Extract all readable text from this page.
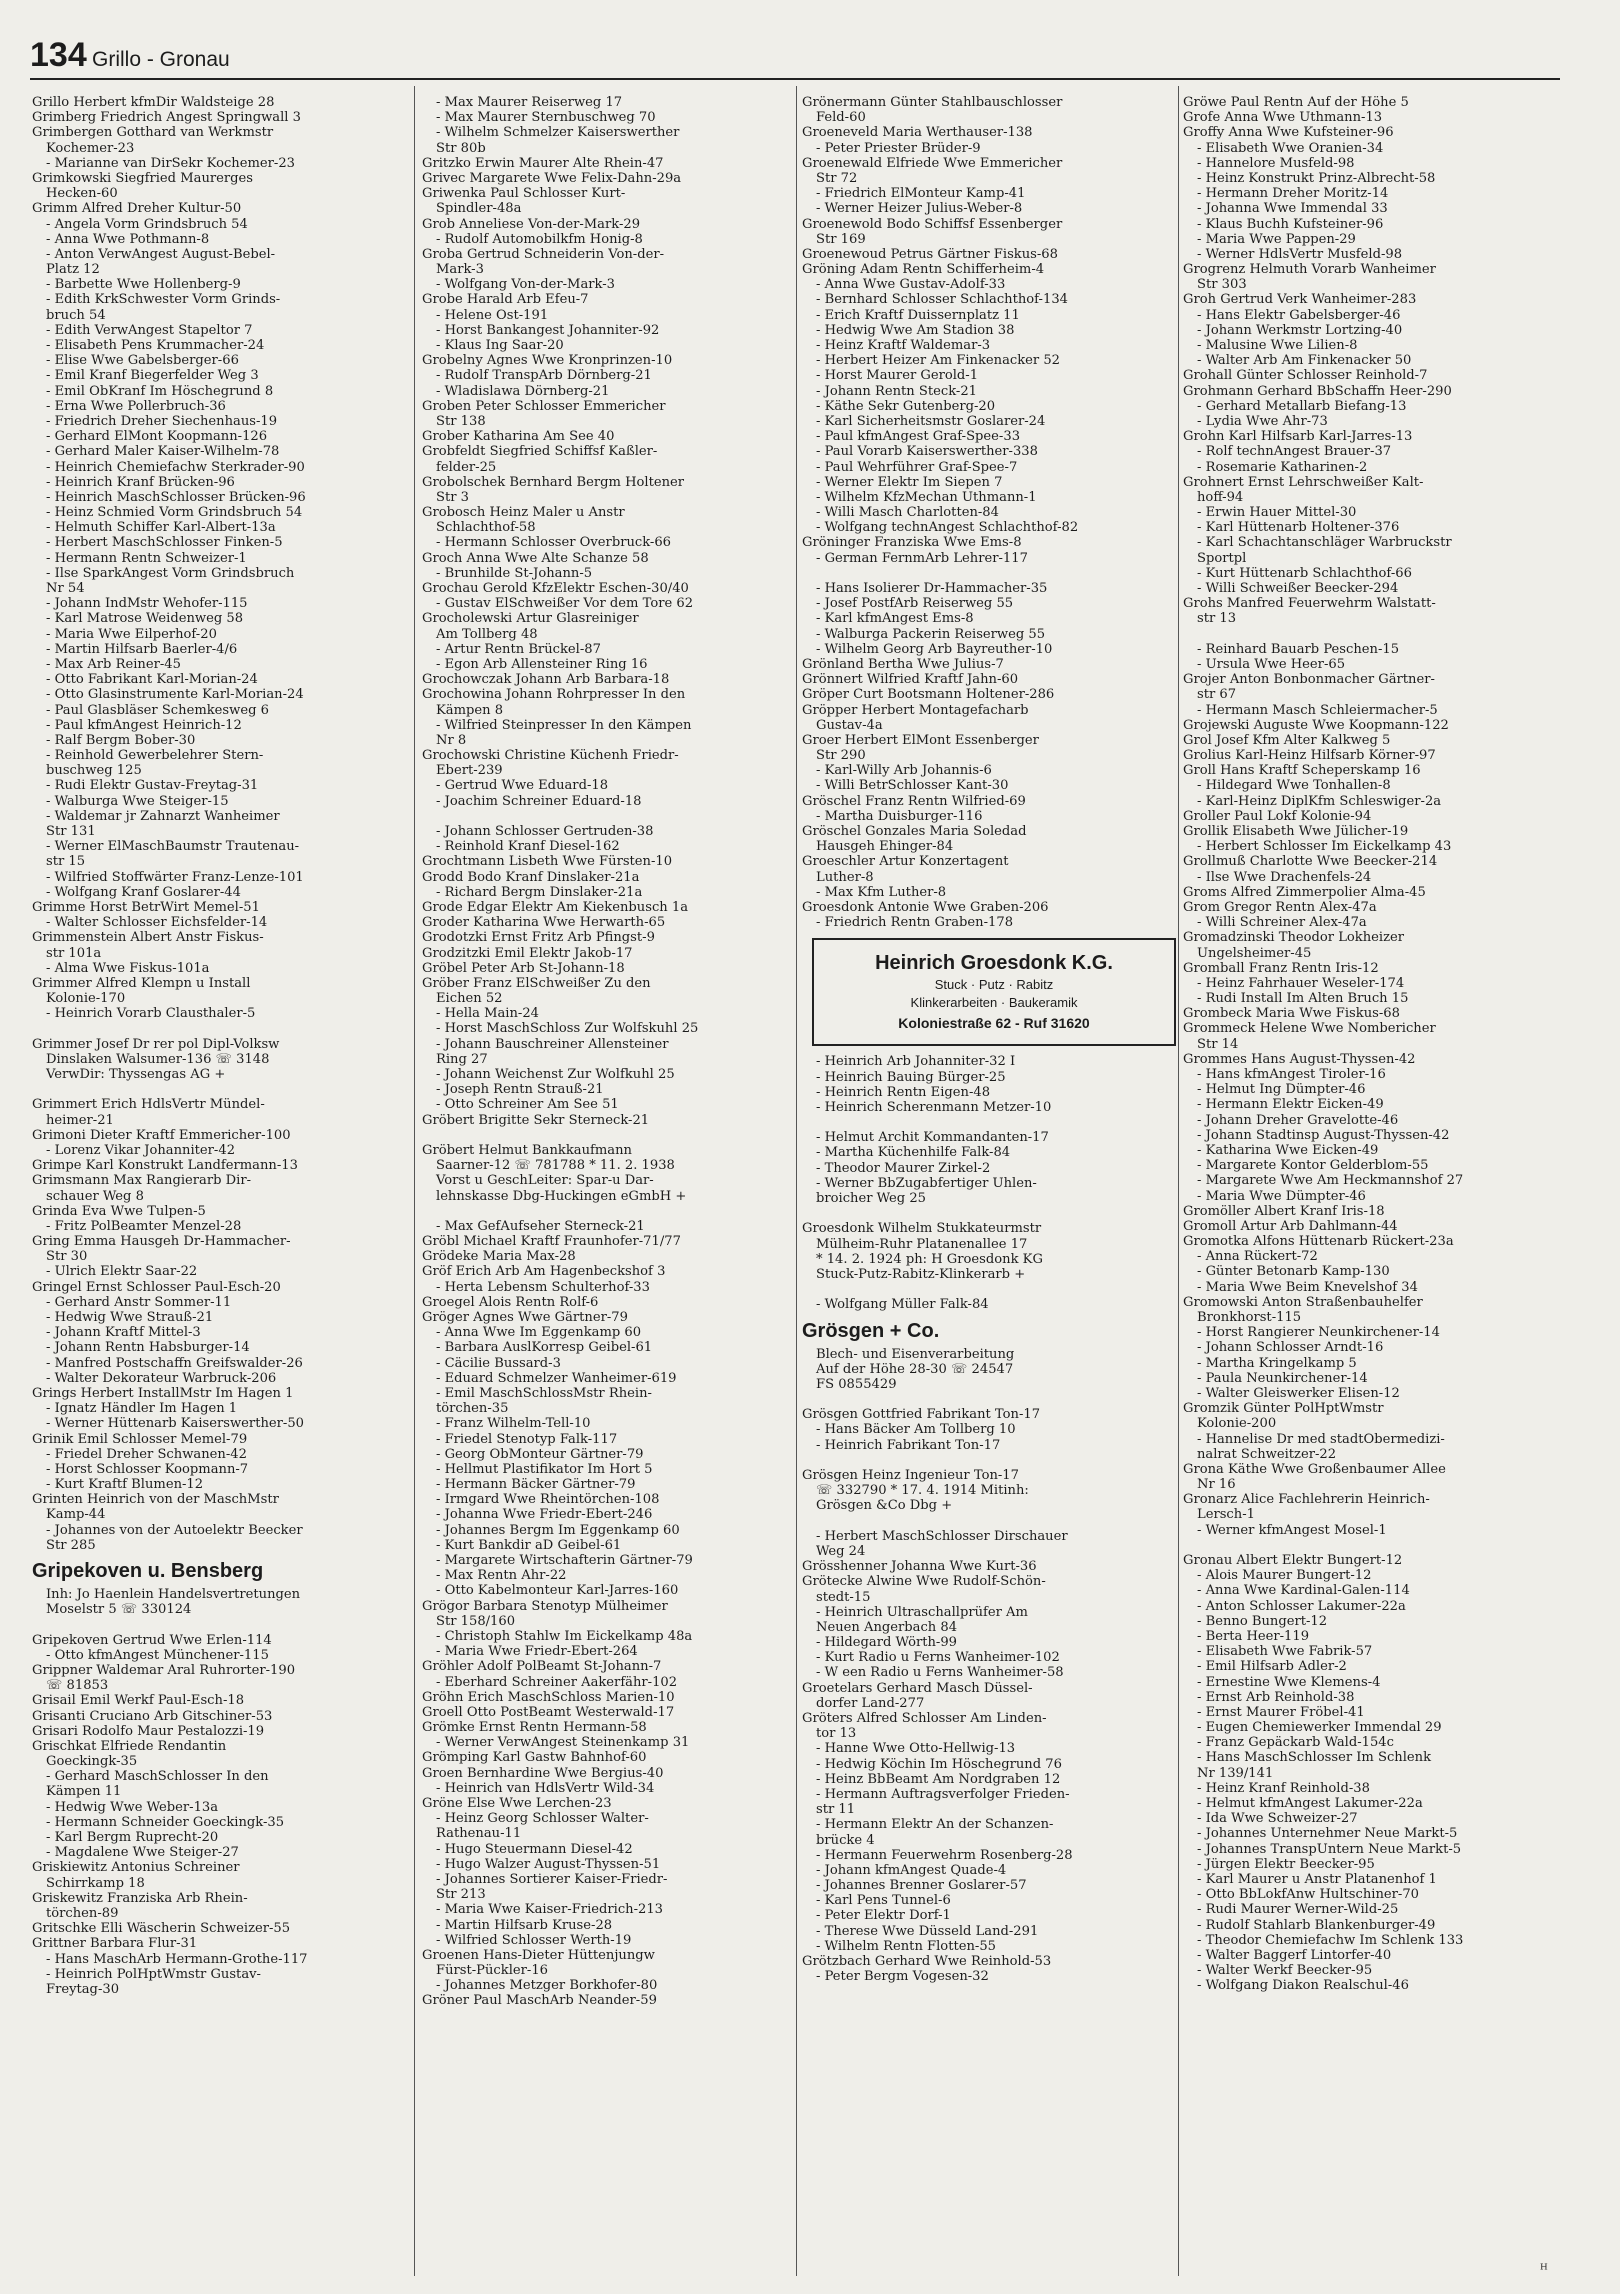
134 Grillo - Gronau
Grillo Herbert kfmDir Waldsteige 28
Grimberg Friedrich Angest Springwall 3
Grimbergen Gotthard van Werkmstr
Kochemer-23
- Marianne van DirSekr Kochemer-23
Grimkowski Siegfried Maurerges
Hecken-60
Grimm Alfred Dreher Kultur-50
- Angela Vorm Grindsbruch 54
- Anna Wwe Pothmann-8
- Anton VerwAngest August-Bebel-
Platz 12
- Barbette Wwe Hollenberg-9
- Edith KrkSchwester Vorm Grinds-
bruch 54
- Edith VerwAngest Stapeltor 7
- Elisabeth Pens Krummacher-24
- Elise Wwe Gabelsberger-66
- Emil Kranf Biegerfelder Weg 3
- Emil ObKranf Im Höschegrund 8
- Erna Wwe Pollerbruch-36
- Friedrich Dreher Siechenhaus-19
- Gerhard ElMont Koopmann-126
- Gerhard Maler Kaiser-Wilhelm-78
- Heinrich Chemiefachw Sterkrader-90
- Heinrich Kranf Brücken-96
- Heinrich MaschSchlosser Brücken-96
- Heinz Schmied Vorm Grindsbruch 54
- Helmuth Schiffer Karl-Albert-13a
- Herbert MaschSchlosser Finken-5
- Hermann Rentn Schweizer-1
- Ilse SparkAngest Vorm Grindsbruch
Nr 54
- Johann IndMstr Wehofer-115
- Karl Matrose Weidenweg 58
- Maria Wwe Eilperhof-20
- Martin Hilfsarb Baerler-4/6
- Max Arb Reiner-45
- Otto Fabrikant Karl-Morian-24
- Otto Glasinstrumente Karl-Morian-24
- Paul Glasbläser Schemkesweg 6
- Paul kfmAngest Heinrich-12
- Ralf Bergm Bober-30
- Reinhold Gewerbelehrer Stern-
buschweg 125
- Rudi Elektr Gustav-Freytag-31
- Walburga Wwe Steiger-15
- Waldemar jr Zahnarzt Wanheimer
Str 131
- Werner ElMaschBaumstr Trautenau-
str 15
- Wilfried Stoffwärter Franz-Lenze-101
- Wolfgang Kranf Goslarer-44
Grimme Horst BetrWirt Memel-51
- Walter Schlosser Eichsfelder-14
Grimmenstein Albert Anstr Fiskus-
str 101a
- Alma Wwe Fiskus-101a
Grimmer Alfred Klempn u Install
Kolonie-170
- Heinrich Vorarb Clausthaler-5

Grimmer Josef Dr rer pol Dipl-Volksw
Dinslaken Walsumer-136 ☏ 3148
VerwDir: Thyssengas AG +

Grimmert Erich HdlsVertr Mündel-
heimer-21
Grimoni Dieter Kraftf Emmericher-100
- Lorenz Vikar Johanniter-42
Grimpe Karl Konstrukt Landfermann-13
Grimsmann Max Rangierarb Dir-
schauer Weg 8
Grinda Eva Wwe Tulpen-5
- Fritz PolBeamter Menzel-28
Gring Emma Hausgeh Dr-Hammacher-
Str 30
- Ulrich Elektr Saar-22
Gringel Ernst Schlosser Paul-Esch-20
- Gerhard Anstr Sommer-11
- Hedwig Wwe Strauß-21
- Johann Kraftf Mittel-3
- Johann Rentn Habsburger-14
- Manfred Postschaffn Greifswalder-26
- Walter Dekorateur Warbruck-206
Grings Herbert InstallMstr Im Hagen 1
- Ignatz Händler Im Hagen 1
- Werner Hüttenarb Kaiserswerther-50
Grinik Emil Schlosser Memel-79
- Friedel Dreher Schwanen-42
- Horst Schlosser Koopmann-7
- Kurt Kraftf Blumen-12
Grinten Heinrich von der MaschMstr
Kamp-44
- Johannes von der Autoelektr Beecker
Str 285
Gripekoven u. Bensberg
Inh: Jo Haenlein Handelsvertretungen
Moselstr 5 ☏ 330124

Gripekoven Gertrud Wwe Erlen-114
- Otto kfmAngest Münchener-115
Grippner Waldemar Aral Ruhrorter-190
☏ 81853
Grisail Emil Werkf Paul-Esch-18
Grisanti Cruciano Arb Gitschiner-53
Grisari Rodolfo Maur Pestalozzi-19
Grischkat Elfriede Rendantin
Goeckingk-35
- Gerhard MaschSchlosser In den
Kämpen 11
- Hedwig Wwe Weber-13a
- Hermann Schneider Goeckingk-35
- Karl Bergm Ruprecht-20
- Magdalene Wwe Steiger-27
Griskiewitz Antonius Schreiner
Schirrkamp 18
Griskewitz Franziska Arb Rhein-
törchen-89
Gritschke Elli Wäscherin Schweizer-55
Grittner Barbara Flur-31
- Hans MaschArb Hermann-Grothe-117
- Heinrich PolHptWmstr Gustav-
Freytag-30
- Max Maurer Reiserweg 17
- Max Maurer Sternbuschweg 70
- Wilhelm Schmelzer Kaiserswerther
Str 80b
Gritzko Erwin Maurer Alte Rhein-47
Grivec Margarete Wwe Felix-Dahn-29a
Griwenka Paul Schlosser Kurt-
Spindler-48a
Grob Anneliese Von-der-Mark-29
- Rudolf Automobilkfm Honig-8
Groba Gertrud Schneiderin Von-der-
Mark-3
- Wolfgang Von-der-Mark-3
Grobe Harald Arb Efeu-7
- Helene Ost-191
- Horst Bankangest Johanniter-92
- Klaus Ing Saar-20
Grobelny Agnes Wwe Kronprinzen-10
- Rudolf TranspArb Dörnberg-21
- Wladislawa Dörnberg-21
Groben Peter Schlosser Emmericher
Str 138
Grober Katharina Am See 40
Grobfeldt Siegfried Schiffsf Kaßler-
felder-25
Grobolschek Bernhard Bergm Holtener
Str 3
Grobosch Heinz Maler u Anstr
Schlachthof-58
- Hermann Schlosser Overbruck-66
Groch Anna Wwe Alte Schanze 58
- Brunhilde St-Johann-5
Grochau Gerold KfzElektr Eschen-30/40
- Gustav ElSchweißer Vor dem Tore 62
Grocholewski Artur Glasreiniger
Am Tollberg 48
- Artur Rentn Brückel-87
- Egon Arb Allensteiner Ring 16
Grochowczak Johann Arb Barbara-18
Grochowina Johann Rohrpresser In den
Kämpen 8
- Wilfried Steinpresser In den Kämpen
Nr 8
Grochowski Christine Küchenh Friedr-
Ebert-239
- Gertrud Wwe Eduard-18
- Joachim Schreiner Eduard-18

- Johann Schlosser Gertruden-38
- Reinhold Kranf Diesel-162
Grochtmann Lisbeth Wwe Fürsten-10
Grodd Bodo Kranf Dinslaker-21a
- Richard Bergm Dinslaker-21a
Grode Edgar Elektr Am Kiekenbusch 1a
Groder Katharina Wwe Herwarth-65
Grodotzki Ernst Fritz Arb Pfingst-9
Grodzitzki Emil Elektr Jakob-17
Gröbel Peter Arb St-Johann-18
Gröber Franz ElSchweißer Zu den
Eichen 52
- Hella Main-24
- Horst MaschSchloss Zur Wolfskuhl 25
- Johann Bauschreiner Allensteiner
Ring 27
- Johann Weichenst Zur Wolfkuhl 25
- Joseph Rentn Strauß-21
- Otto Schreiner Am See 51
Gröbert Brigitte Sekr Sterneck-21

Gröbert Helmut Bankkaufmann
Saarner-12 ☏ 781788 * 11. 2. 1938
Vorst u GeschLeiter: Spar-u Dar-
lehnskasse Dbg-Huckingen eGmbH +

- Max GefAufseher Sterneck-21
Gröbl Michael Kraftf Fraunhofer-71/77
Grödeke Maria Max-28
Gröf Erich Arb Am Hagenbeckshof 3
- Herta Lebensm Schulterhof-33
Groegel Alois Rentn Rolf-6
Gröger Agnes Wwe Gärtner-79
- Anna Wwe Im Eggenkamp 60
- Barbara AuslKorresp Geibel-61
- Cäcilie Bussard-3
- Eduard Schmelzer Wanheimer-619
- Emil MaschSchlossMstr Rhein-
törchen-35
- Franz Wilhelm-Tell-10
- Friedel Stenotyp Falk-117
- Georg ObMonteur Gärtner-79
- Hellmut Plastifikator Im Hort 5
- Hermann Bäcker Gärtner-79
- Irmgard Wwe Rheintörchen-108
- Johanna Wwe Friedr-Ebert-246
- Johannes Bergm Im Eggenkamp 60
- Kurt Bankdir aD Geibel-61
- Margarete Wirtschafterin Gärtner-79
- Max Rentn Ahr-22
- Otto Kabelmonteur Karl-Jarres-160
Grögor Barbara Stenotyp Mülheimer
Str 158/160
- Christoph Stahlw Im Eickelkamp 48a
- Maria Wwe Friedr-Ebert-264
Gröhler Adolf PolBeamt St-Johann-7
- Eberhard Schreiner Aakerfähr-102
Gröhn Erich MaschSchloss Marien-10
Groell Otto PostBeamt Westerwald-17
Grömke Ernst Rentn Hermann-58
- Werner VerwAngest Steinenkamp 31
Grömping Karl Gastw Bahnhof-60
Groen Bernhardine Wwe Bergius-40
- Heinrich van HdlsVertr Wild-34
Gröne Else Wwe Lerchen-23
- Heinz Georg Schlosser Walter-
Rathenau-11
- Hugo Steuermann Diesel-42
- Hugo Walzer August-Thyssen-51
- Johannes Sortierer Kaiser-Friedr-
Str 213
- Maria Wwe Kaiser-Friedrich-213
- Martin Hilfsarb Kruse-28
- Wilfried Schlosser Werth-19
Groenen Hans-Dieter Hüttenjungw
Fürst-Pückler-16
- Johannes Metzger Borkhofer-80
Gröner Paul MaschArb Neander-59
Grönermann Günter Stahlbauschlosser
Feld-60
Groeneveld Maria Werthauser-138
- Peter Priester Brüder-9
Groenewald Elfriede Wwe Emmericher
Str 72
- Friedrich ElMonteur Kamp-41
- Werner Heizer Julius-Weber-8
Groenewold Bodo Schiffsf Essenberger
Str 169
Groenewoud Petrus Gärtner Fiskus-68
Gröning Adam Rentn Schifferheim-4
- Anna Wwe Gustav-Adolf-33
- Bernhard Schlosser Schlachthof-134
- Erich Kraftf Duissernplatz 11
- Hedwig Wwe Am Stadion 38
- Heinz Kraftf Waldemar-3
- Herbert Heizer Am Finkenacker 52
- Horst Maurer Gerold-1
- Johann Rentn Steck-21
- Käthe Sekr Gutenberg-20
- Karl Sicherheitsmstr Goslarer-24
- Paul kfmAngest Graf-Spee-33
- Paul Vorarb Kaiserswerther-338
- Paul Wehrführer Graf-Spee-7
- Werner Elektr Im Siepen 7
- Wilhelm KfzMechan Uthmann-1
- Willi Masch Charlotten-84
- Wolfgang technAngest Schlachthof-82
Gröninger Franziska Wwe Ems-8
- German FernmArb Lehrer-117

- Hans Isolierer Dr-Hammacher-35
- Josef PostfArb Reiserweg 55
- Karl kfmAngest Ems-8
- Walburga Packerin Reiserweg 55
- Wilhelm Georg Arb Bayreuther-10
Grönland Bertha Wwe Julius-7
Grönnert Wilfried Kraftf Jahn-60
Gröper Curt Bootsmann Holtener-286
Gröpper Herbert Montagefacharb
Gustav-4a
Groer Herbert ElMont Essenberger
Str 290
- Karl-Willy Arb Johannis-6
- Willi BetrSchlosser Kant-30
Gröschel Franz Rentn Wilfried-69
- Martha Duisburger-116
Gröschel Gonzales Maria Soledad
Hausgeh Ehinger-84
Groeschler Artur Konzertagent
Luther-8
- Max Kfm Luther-8
Groesdonk Antonie Wwe Graben-206
- Friedrich Rentn Graben-178
Heinrich Groesdonk K.G.
Stuck · Putz · Rabitz
Klinkerarbeiten · Baukeramik
Koloniestraße 62 - Ruf 31620
- Heinrich Arb Johanniter-32 I
- Heinrich Bauing Bürger-25
- Heinrich Rentn Eigen-48
- Heinrich Scherenmann Metzer-10

- Helmut Archit Kommandanten-17
- Martha Küchenhilfe Falk-84
- Theodor Maurer Zirkel-2
- Werner BbZugabfertiger Uhlen-
broicher Weg 25

Groesdonk Wilhelm Stukkateurmstr
Mülheim-Ruhr Platanenallee 17
* 14. 2. 1924 ph: H Groesdonk KG
Stuck-Putz-Rabitz-Klinkerarb +

- Wolfgang Müller Falk-84
Grösgen + Co.
Blech- und Eisenverarbeitung
Auf der Höhe 28-30 ☏ 24547
FS 0855429

Grösgen Gottfried Fabrikant Ton-17
- Hans Bäcker Am Tollberg 10
- Heinrich Fabrikant Ton-17

Grösgen Heinz Ingenieur Ton-17
☏ 332790 * 17. 4. 1914 Mitinh:
Grösgen &Co Dbg +

- Herbert MaschSchlosser Dirschauer
Weg 24
Grösshenner Johanna Wwe Kurt-36
Grötecke Alwine Wwe Rudolf-Schön-
stedt-15
- Heinrich Ultraschallprüfer Am
Neuen Angerbach 84
- Hildegard Wörth-99
- Kurt Radio u Ferns Wanheimer-102
- W een Radio u Ferns Wanheimer-58
Groetelars Gerhard Masch Düssel-
dorfer Land-277
Gröters Alfred Schlosser Am Linden-
tor 13
- Hanne Wwe Otto-Hellwig-13
- Hedwig Köchin Im Höschegrund 76
- Heinz BbBeamt Am Nordgraben 12
- Hermann Auftragsverfolger Frieden-
str 11
- Hermann Elektr An der Schanzen-
brücke 4
- Hermann Feuerwehrm Rosenberg-28
- Johann kfmAngest Quade-4
- Johannes Brenner Goslarer-57
- Karl Pens Tunnel-6
- Peter Elektr Dorf-1
- Therese Wwe Düsseld Land-291
- Wilhelm Rentn Flotten-55
Grötzbach Gerhard Wwe Reinhold-53
- Peter Bergm Vogesen-32
Gröwe Paul Rentn Auf der Höhe 5
Grofe Anna Wwe Uthmann-13
Groffy Anna Wwe Kufsteiner-96
- Elisabeth Wwe Oranien-34
- Hannelore Musfeld-98
- Heinz Konstrukt Prinz-Albrecht-58
- Hermann Dreher Moritz-14
- Johanna Wwe Immendal 33
- Klaus Buchh Kufsteiner-96
- Maria Wwe Pappen-29
- Werner HdlsVertr Musfeld-98
Grogrenz Helmuth Vorarb Wanheimer
Str 303
Groh Gertrud Verk Wanheimer-283
- Hans Elektr Gabelsberger-46
- Johann Werkmstr Lortzing-40
- Malusine Wwe Lilien-8
- Walter Arb Am Finkenacker 50
Grohall Günter Schlosser Reinhold-7
Grohmann Gerhard BbSchaffn Heer-290
- Gerhard Metallarb Biefang-13
- Lydia Wwe Ahr-73
Grohn Karl Hilfsarb Karl-Jarres-13
- Rolf technAngest Brauer-37
- Rosemarie Katharinen-2
Grohnert Ernst Lehrschweißer Kalt-
hoff-94
- Erwin Hauer Mittel-30
- Karl Hüttenarb Holtener-376
- Karl Schachtanschläger Warbruckstr
Sportpl
- Kurt Hüttenarb Schlachthof-66
- Willi Schweißer Beecker-294
Grohs Manfred Feuerwehrm Walstatt-
str 13

- Reinhard Bauarb Peschen-15
- Ursula Wwe Heer-65
Grojer Anton Bonbonmacher Gärtner-
str 67
- Hermann Masch Schleiermacher-5
Grojewski Auguste Wwe Koopmann-122
Grol Josef Kfm Alter Kalkweg 5
Grolius Karl-Heinz Hilfsarb Körner-97
Groll Hans Kraftf Scheperskamp 16
- Hildegard Wwe Tonhallen-8
- Karl-Heinz DiplKfm Schleswiger-2a
Groller Paul Lokf Kolonie-94
Grollik Elisabeth Wwe Jülicher-19
- Herbert Schlosser Im Eickelkamp 43
Grollmuß Charlotte Wwe Beecker-214
- Ilse Wwe Drachenfels-24
Groms Alfred Zimmerpolier Alma-45
Grom Gregor Rentn Alex-47a
- Willi Schreiner Alex-47a
Gromadzinski Theodor Lokheizer
Ungelsheimer-45
Gromball Franz Rentn Iris-12
- Heinz Fahrhauer Weseler-174
- Rudi Install Im Alten Bruch 15
Grombeck Maria Wwe Fiskus-68
Grommeck Helene Wwe Nombericher
Str 14
Grommes Hans August-Thyssen-42
- Hans kfmAngest Tiroler-16
- Helmut Ing Dümpter-46
- Hermann Elektr Eicken-49
- Johann Dreher Gravelotte-46
- Johann Stadtinsp August-Thyssen-42
- Katharina Wwe Eicken-49
- Margarete Kontor Gelderblom-55
- Margarete Wwe Am Heckmannshof 27
- Maria Wwe Dümpter-46
Gromöller Albert Kranf Iris-18
Gromoll Artur Arb Dahlmann-44
Gromotka Alfons Hüttenarb Rückert-23a
- Anna Rückert-72
- Günter Betonarb Kamp-130
- Maria Wwe Beim Knevelshof 34
Gromowski Anton Straßenbauhelfer
Bronkhorst-115
- Horst Rangierer Neunkirchener-14
- Johann Schlosser Arndt-16
- Martha Kringelkamp 5
- Paula Neunkirchener-14
- Walter Gleiswerker Elisen-12
Gromzik Günter PolHptWmstr
Kolonie-200
- Hannelise Dr med stadtObermedizi-
nalrat Schweitzer-22
Grona Käthe Wwe Großenbaumer Allee
Nr 16
Gronarz Alice Fachlehrerin Heinrich-
Lersch-1
- Werner kfmAngest Mosel-1

Gronau Albert Elektr Bungert-12
- Alois Maurer Bungert-12
- Anna Wwe Kardinal-Galen-114
- Anton Schlosser Lakumer-22a
- Benno Bungert-12
- Berta Heer-119
- Elisabeth Wwe Fabrik-57
- Emil Hilfsarb Adler-2
- Ernestine Wwe Klemens-4
- Ernst Arb Reinhold-38
- Ernst Maurer Fröbel-41
- Eugen Chemiewerker Immendal 29
- Franz Gepäckarb Wald-154c
- Hans MaschSchlosser Im Schlenk
Nr 139/141
- Heinz Kranf Reinhold-38
- Helmut kfmAngest Lakumer-22a
- Ida Wwe Schweizer-27
- Johannes Unternehmer Neue Markt-5
- Johannes TranspUntern Neue Markt-5
- Jürgen Elektr Beecker-95
- Karl Maurer u Anstr Platanenhof 1
- Otto BbLokfAnw Hultschiner-70
- Rudi Maurer Werner-Wild-25
- Rudolf Stahlarb Blankenburger-49
- Theodor Chemiefachw Im Schlenk 133
- Walter Baggerf Lintorfer-40
- Walter Werkf Beecker-95
- Wolfgang Diakon Realschul-46
ᴴ
